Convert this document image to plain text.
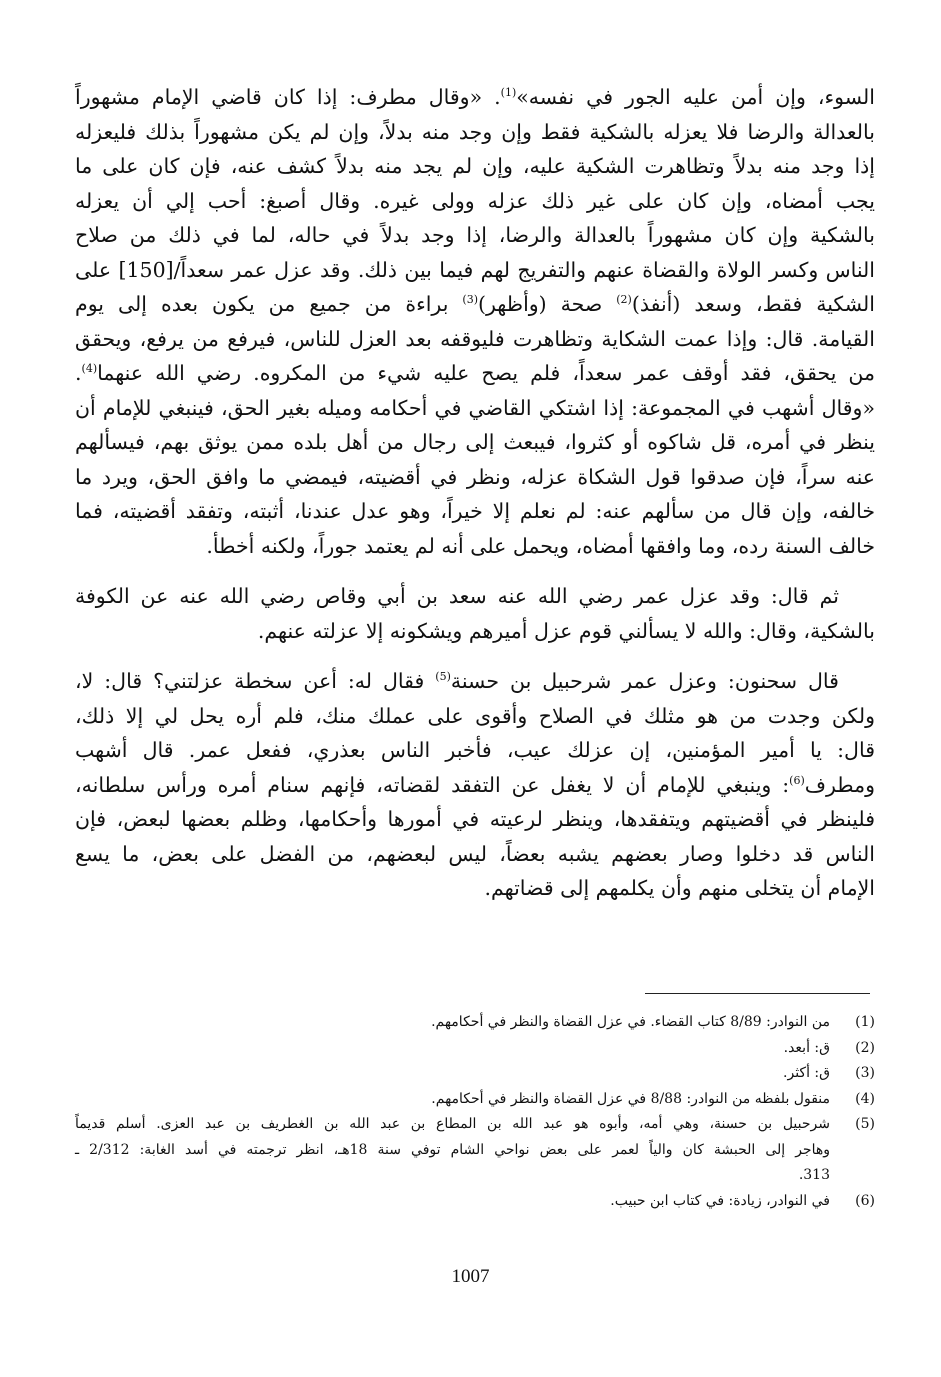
السوء، وإن أمن عليه الجور في نفسه»$^{(1)}$. «وقال مطرف: إذا كان قاضي الإمام مشهوراً
بالعدالة والرضا فلا يعزله بالشكية فقط وإن وجد منه بدلاً، وإن لم يكن مشهوراً بذلك فليعزله
إذا وجد منه بدلاً وتظاهرت الشكية عليه، وإن لم يجد منه بدلاً كشف عنه، فإن كان على ما
يجب أمضاه، وإن كان على غير ذلك عزله وولى غيره. وقال أصبغ: أحب إلي أن يعزله
بالشكية وإن كان مشهوراً بالعدالة والرضا، إذا وجد بدلاً في حاله، لما في ذلك من صلاح
الناس وكسر الولاة والقضاة عنهم والتفريج لهم فيما بين ذلك. وقد عزل عمر سعداً/[150] على
الشكية فقط، وسعد (أنفذ)$^{(2)}$ صحة (وأظهر)$^{(3)}$ براءة من جميع من يكون بعده إلى يوم
القيامة. قال: وإذا عمت الشكاية وتظاهرت فليوقفه بعد العزل للناس، فيرفع من يرفع، ويحقق
من يحقق، فقد أوقف عمر سعداً، فلم يصح عليه شيء من المكروه. رضي الله عنهما$^{(4)}$.
«وقال أشهب في المجموعة: إذا اشتكي القاضي في أحكامه وميله بغير الحق، فينبغي للإمام أن
ينظر في أمره، قل شاكوه أو كثروا، فيبعث إلى رجال من أهل بلده ممن يوثق بهم، فيسألهم
عنه سراً، فإن صدقوا قول الشكاة عزله، ونظر في أقضيته، فيمضي ما وافق الحق، ويرد ما
خالفه، وإن قال من سألهم عنه: لم نعلم إلا خيراً، وهو عدل عندنا، أثبته، وتفقد أقضيته، فما
خالف السنة رده، وما وافقها أمضاه، ويحمل على أنه لم يعتمد جوراً، ولكنه أخطأ.
ثم قال: وقد عزل عمر رضي الله عنه سعد بن أبي وقاص رضي الله عنه عن الكوفة
بالشكية، وقال: والله لا يسألني قوم عزل أميرهم ويشكونه إلا عزلته عنهم.
قال سحنون: وعزل عمر شرحبيل بن حسنة$^{(5)}$ فقال له: أعن سخطة عزلتني؟ قال: لا،
ولكن وجدت من هو مثلك في الصلاح وأقوى على عملك منك، فلم أره يحل لي إلا ذلك،
قال: يا أمير المؤمنين، إن عزلك عيب، فأخبر الناس بعذري، ففعل عمر. قال أشهب
ومطرف$^{(6)}$: وينبغي للإمام أن لا يغفل عن التفقد لقضاته، فإنهم سنام أمره ورأس سلطانه،
فلينظر في أقضيتهم ويتفقدها، وينظر لرعيته في أمورها وأحكامها، وظلم بعضها لبعض، فإن
الناس قد دخلوا وصار بعضهم يشبه بعضاً، ليس لبعضهم، من الفضل على بعض، ما يسع
الإمام أن يتخلى منهم وأن يكلمهم إلى قضاتهم.
(1)
من النوادر: 8/89 كتاب القضاء. في عزل القضاة والنظر في أحكامهم.
(2)
ق: أبعد.
(3)
ق: أكثر.
(4)
منقول بلفظه من النوادر: 8/88 في عزل القضاة والنظر في أحكامهم.
(5)
شرحبيل بن حسنة، وهي أمه، وأبوه هو عبد الله بن المطاع بن عبد الله بن الغطريف بن عبد العزى. أسلم قديماً
وهاجر إلى الحبشة كان والياً لعمر على بعض نواحي الشام توفي سنة 18هـ، انظر ترجمته في أسد الغابة: 2/312 ـ
313.
(6)
في النوادر، زيادة: في كتاب ابن حبيب.
1007
